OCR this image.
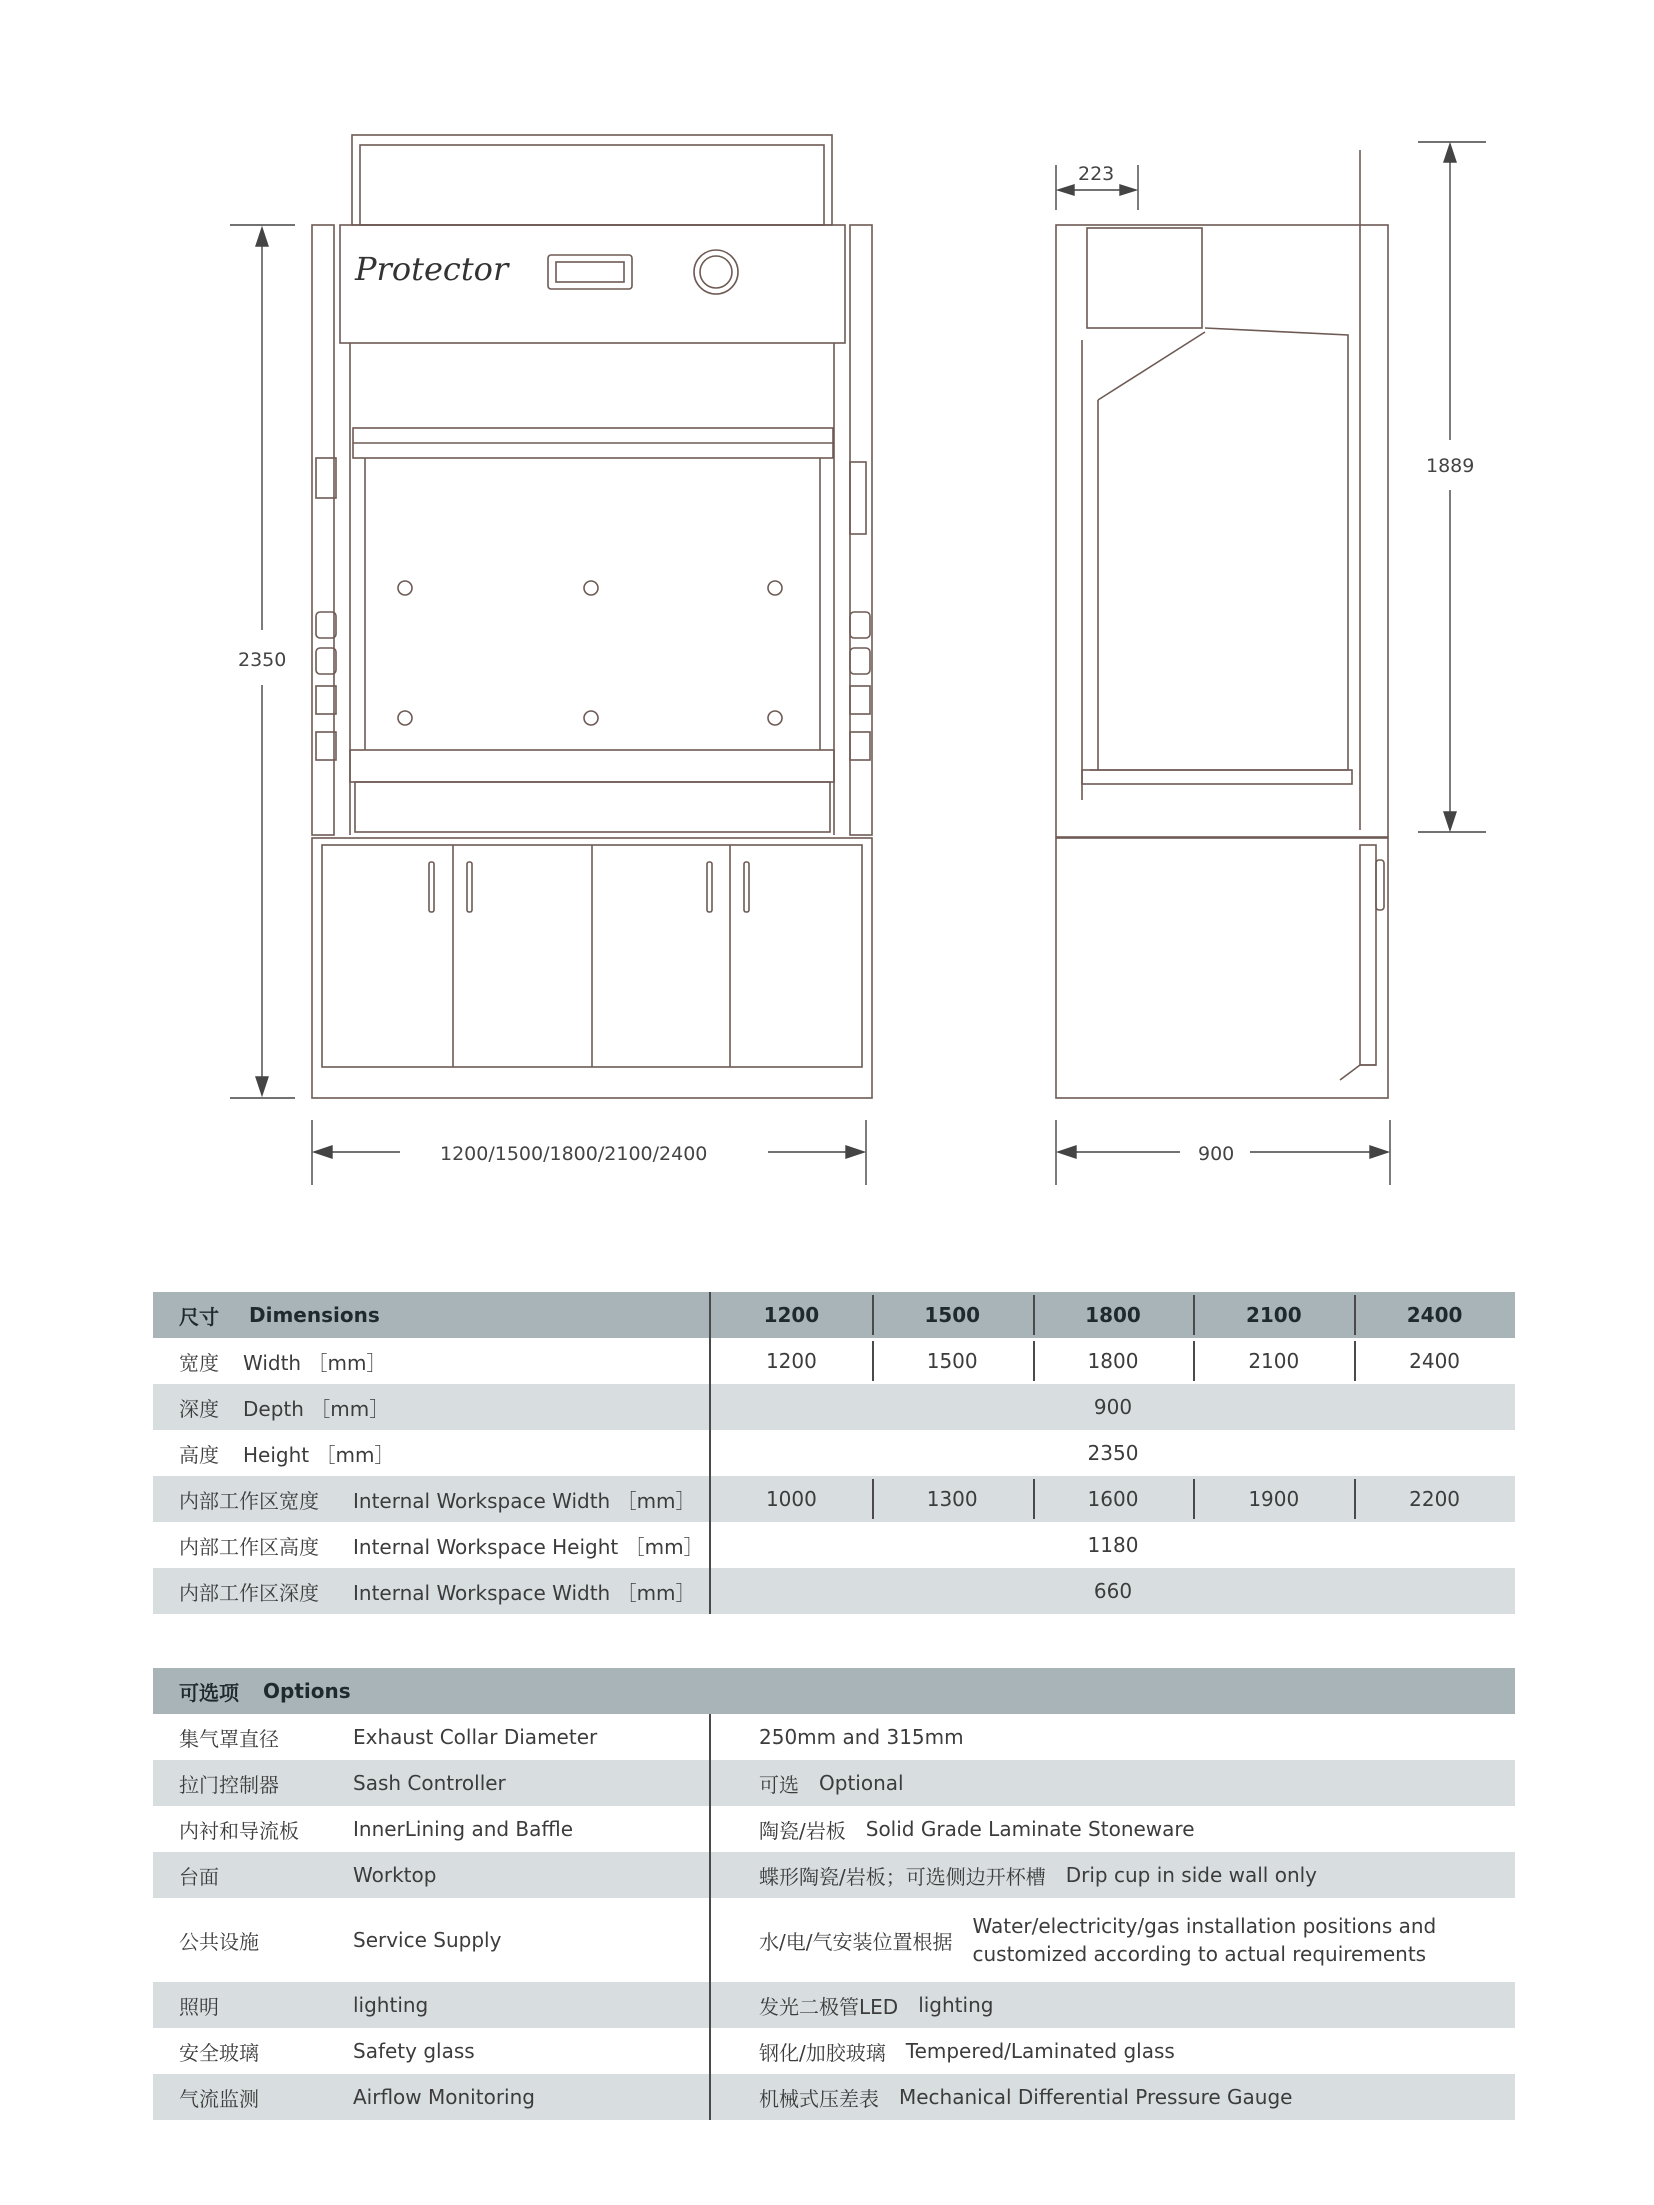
Protector
2350
1200/1500/1800/2100/2400
223
1889
900
尺寸	Dimensions	1200	1500	1800	2100	2400
宽度	Width ［mm］	1200	1500	1800	2100	2400
深度	Depth ［mm］	900
高度	Height ［mm］	2350
内部工作区宽度	Internal Workspace Width ［mm］	1000	1300	1600	1900	2200
内部工作区高度	Internal Workspace Height ［mm］	1180
内部工作区深度	Internal Workspace Width ［mm］	660
可选项	Options
集气罩直径	Exhaust Collar Diameter	250mm and 315mm
拉门控制器	Sash Controller	可选 Optional
内衬和导流板	InnerLining and Baffle	陶瓷/岩板 Solid Grade Laminate Stoneware
台面	Worktop	蝶形陶瓷/岩板；可选侧边开杯槽 Drip cup in side wall only
公共设施	Service Supply	水/电/气安装位置根据
Water/electricity/gas installation positions and customized according to actual requirements
照明	lighting	发光二极管LED lighting
安全玻璃	Safety glass	钢化/加胶玻璃 Tempered/Laminated glass
气流监测	Airflow Monitoring	机械式压差表 Mechanical Differential Pressure Gauge
